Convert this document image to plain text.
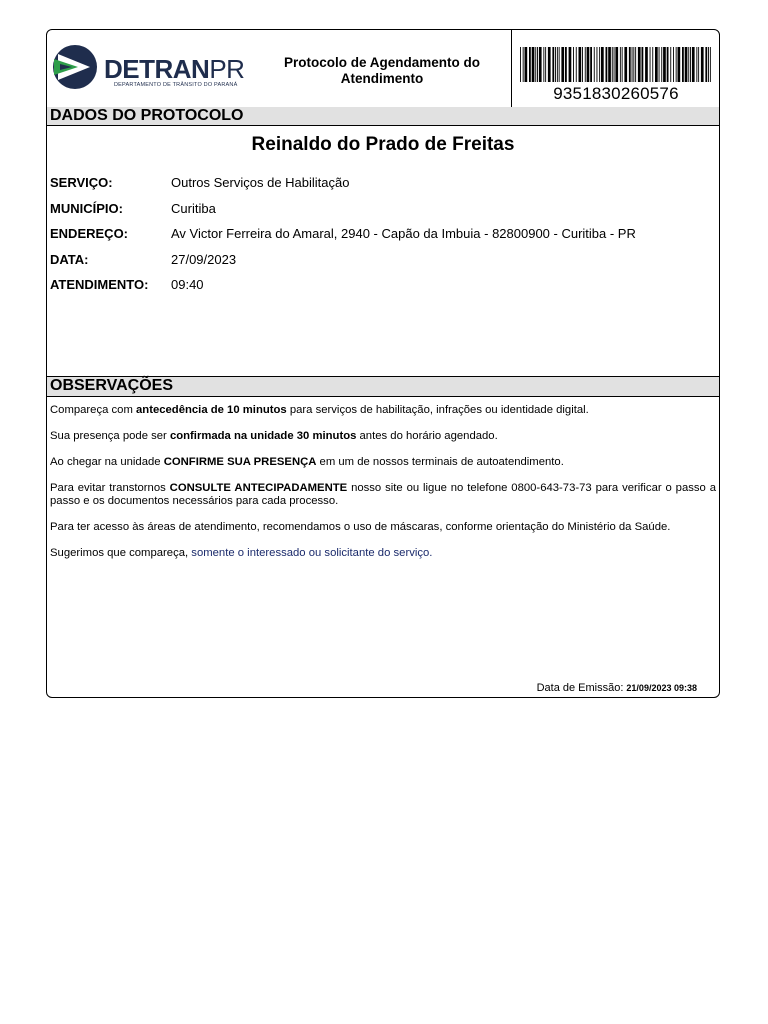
DETRANPR
DEPARTAMENTO DE TRÂNSITO DO PARANÁ
Protocolo de Agendamento do Atendimento
9351830260576
DADOS DO PROTOCOLO
Reinaldo do Prado de Freitas
SERVIÇO:	Outros Serviços de Habilitação
MUNICÍPIO:	Curitiba
ENDEREÇO:	Av Victor Ferreira do Amaral, 2940 - Capão da Imbuia - 82800900 - Curitiba - PR
DATA:	27/09/2023
ATENDIMENTO:	09:40
OBSERVAÇÕES

Compareça com antecedência de 10 minutos para serviços de habilitação, infrações ou identidade digital.

Sua presença pode ser confirmada na unidade 30 minutos antes do horário agendado.

Ao chegar na unidade CONFIRME SUA PRESENÇA em um de nossos terminais de autoatendimento.

Para evitar transtornos CONSULTE ANTECIPADAMENTE nosso site ou ligue no telefone 0800-643-73-73 para verificar o passo a passo e os documentos necessários para cada processo.

Para ter acesso às áreas de atendimento, recomendamos o uso de máscaras, conforme orientação do Ministério da Saúde.

Sugerimos que compareça, somente o interessado ou solicitante do serviço.

Data de Emissão: 21/09/2023 09:38
